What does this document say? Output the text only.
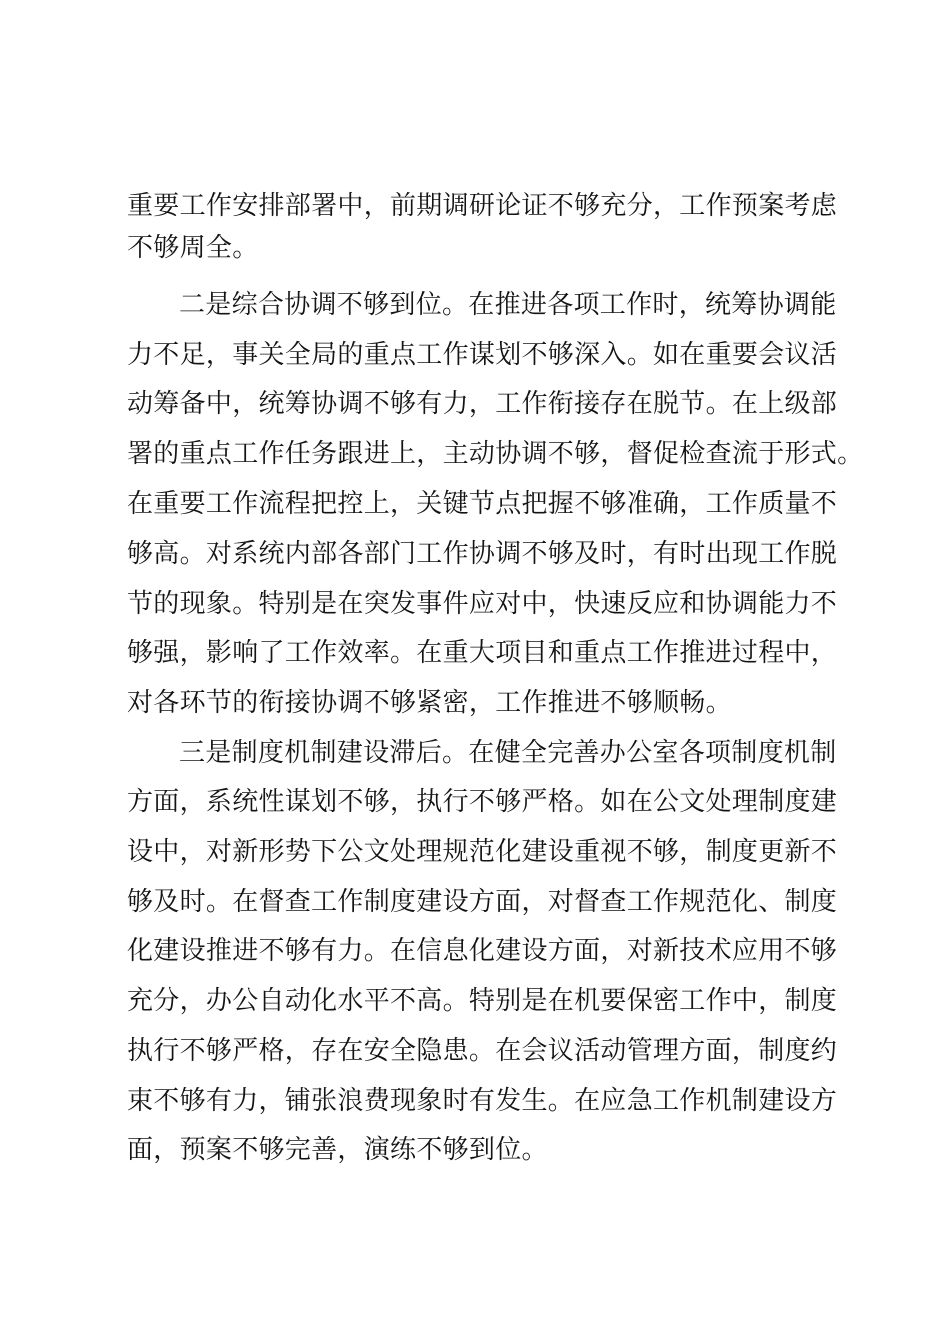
重要工作安排部署中，前期调研论证不够充分，工作预案考虑
不够周全。
二是综合协调不够到位。在推进各项工作时，统筹协调能
力不足，事关全局的重点工作谋划不够深入。如在重要会议活
动筹备中，统筹协调不够有力，工作衔接存在脱节。在上级部
署的重点工作任务跟进上，主动协调不够，督促检查流于形式。
在重要工作流程把控上，关键节点把握不够准确，工作质量不
够高。对系统内部各部门工作协调不够及时，有时出现工作脱
节的现象。特别是在突发事件应对中，快速反应和协调能力不
够强，影响了工作效率。在重大项目和重点工作推进过程中，
对各环节的衔接协调不够紧密，工作推进不够顺畅。
三是制度机制建设滞后。在健全完善办公室各项制度机制
方面，系统性谋划不够，执行不够严格。如在公文处理制度建
设中，对新形势下公文处理规范化建设重视不够，制度更新不
够及时。在督查工作制度建设方面，对督查工作规范化、制度
化建设推进不够有力。在信息化建设方面，对新技术应用不够
充分，办公自动化水平不高。特别是在机要保密工作中，制度
执行不够严格，存在安全隐患。在会议活动管理方面，制度约
束不够有力，铺张浪费现象时有发生。在应急工作机制建设方
面，预案不够完善，演练不够到位。
